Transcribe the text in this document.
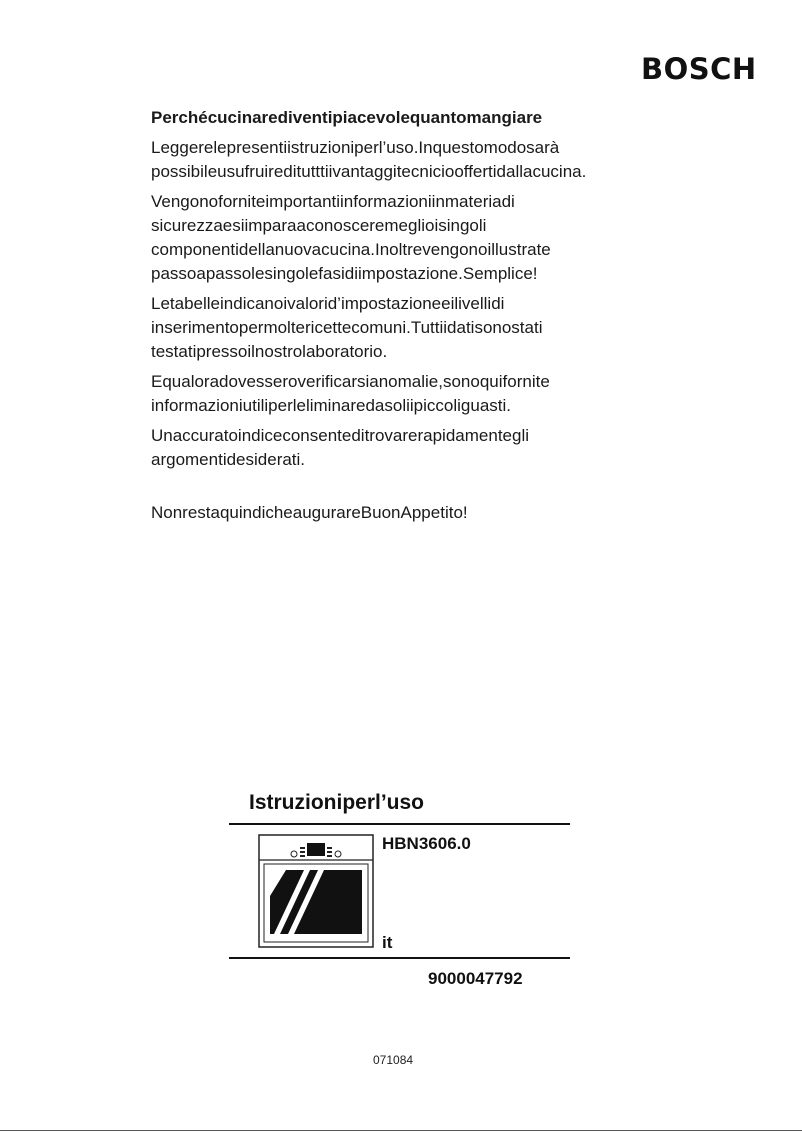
BOSCH
Perchécucinarediventipiacevolequantomangiare

Leggerelepresentiistruzioniperl’uso.Inquestomodosarà possibileusufruireditutttiivantaggitecniciooffertidallacucina.

Vengonoforniteimportantiinformazioniinmateriadi sicurezzaesiimparaaconosceremeglioisingoli componentidellanuovacucina.Inoltrevengonoillustrate passoapassolesingolefasidiimpostazione.Semplice!

Letabelleindicanoivalorid’impostazioneeilivellidi inserimentopermoltericettecomuni.Tuttiidatisonostati testatipressoilnostrolaboratorio.

Equaloradovesseroverificarsianomalie,sonoquifornite informazioniutiliperleliminaredasoliipiccoliguasti.

Unaccuratoindiceconsenteditrovarerapidamentegli argomentidesiderati.

NonrestaquindicheaugurareBuonAppetito!

Istruzioniperl’uso
HBN3606.0
it
9000047792
071084
